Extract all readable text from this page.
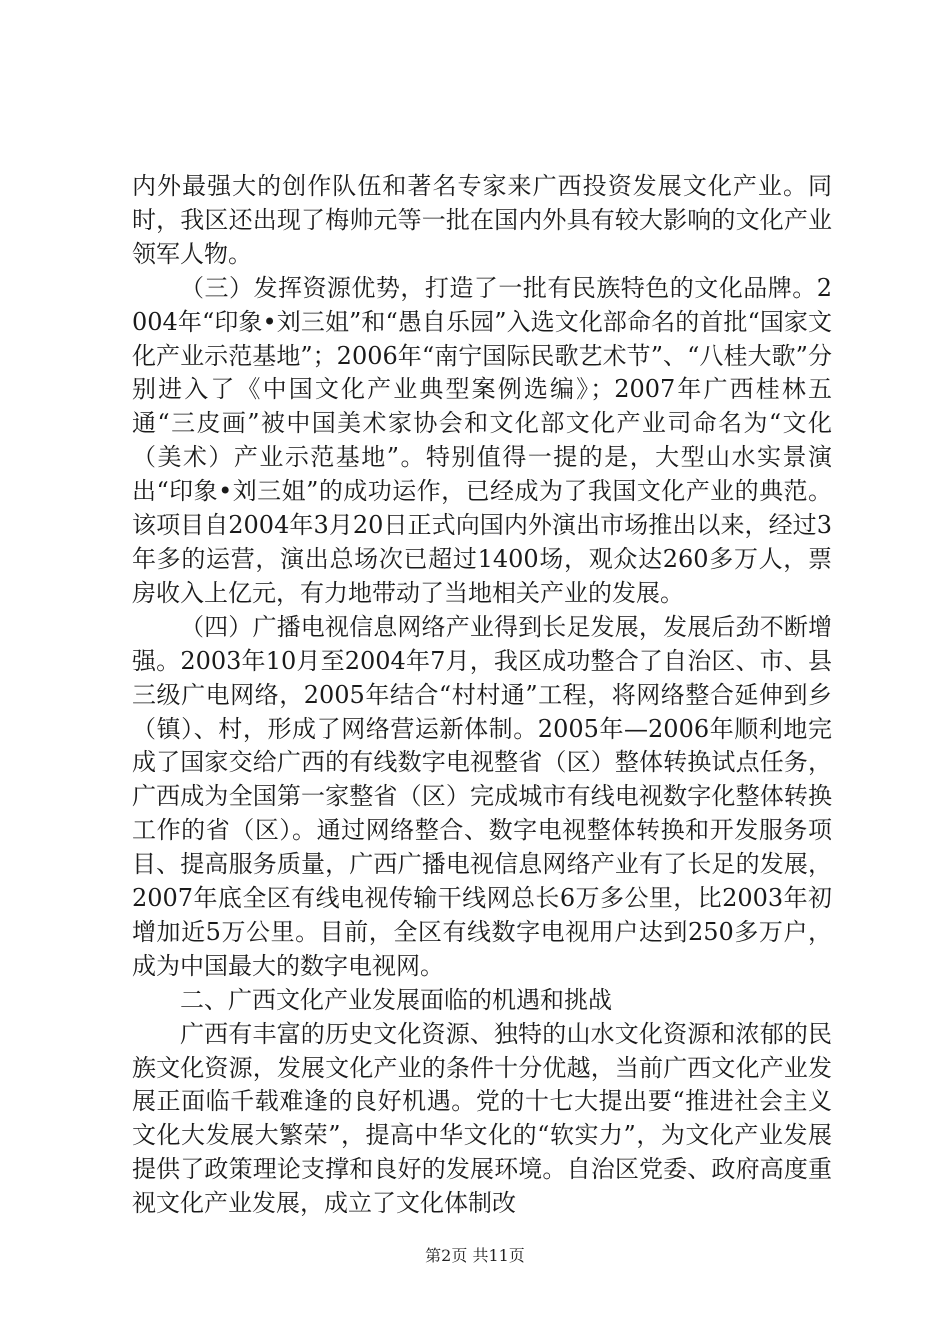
内外最强大的创作队伍和著名专家来广西投资发展文化产业。同时，我区还出现了梅帅元等一批在国内外具有较大影响的文化产业领军人物。

（三）发挥资源优势，打造了一批有民族特色的文化品牌。2004年“印象•刘三姐”和“愚自乐园”入选文化部命名的首批“国家文化产业示范基地”；2006年“南宁国际民歌艺术节”、“八桂大歌”分别进入了《中国文化产业典型案例选编》；2007年广西桂林五通“三皮画”被中国美术家协会和文化部文化产业司命名为“文化（美术）产业示范基地”。特别值得一提的是，大型山水实景演出“印象•刘三姐”的成功运作，已经成为了我国文化产业的典范。该项目自2004年3月20日正式向国内外演出市场推出以来，经过3年多的运营，演出总场次已超过1400场，观众达260多万人，票房收入上亿元，有力地带动了当地相关产业的发展。

（四）广播电视信息网络产业得到长足发展，发展后劲不断增强。2003年10月至2004年7月，我区成功整合了自治区、市、县三级广电网络，2005年结合“村村通”工程，将网络整合延伸到乡（镇）、村，形成了网络营运新体制。2005年—2006年顺利地完成了国家交给广西的有线数字电视整省（区）整体转换试点任务，广西成为全国第一家整省（区）完成城市有线电视数字化整体转换工作的省（区）。通过网络整合、数字电视整体转换和开发服务项目、提高服务质量，广西广播电视信息网络产业有了长足的发展，2007年底全区有线电视传输干线网总长6万多公里，比2003年初增加近5万公里。目前，全区有线数字电视用户达到250多万户，成为中国最大的数字电视网。

二、广西文化产业发展面临的机遇和挑战

广西有丰富的历史文化资源、独特的山水文化资源和浓郁的民族文化资源，发展文化产业的条件十分优越，当前广西文化产业发展正面临千载难逢的良好机遇。党的十七大提出要“推进社会主义文化大发展大繁荣”，提高中华文化的“软实力”，为文化产业发展提供了政策理论支撑和良好的发展环境。自治区党委、政府高度重视文化产业发展，成立了文化体制改

第2页 共11页
